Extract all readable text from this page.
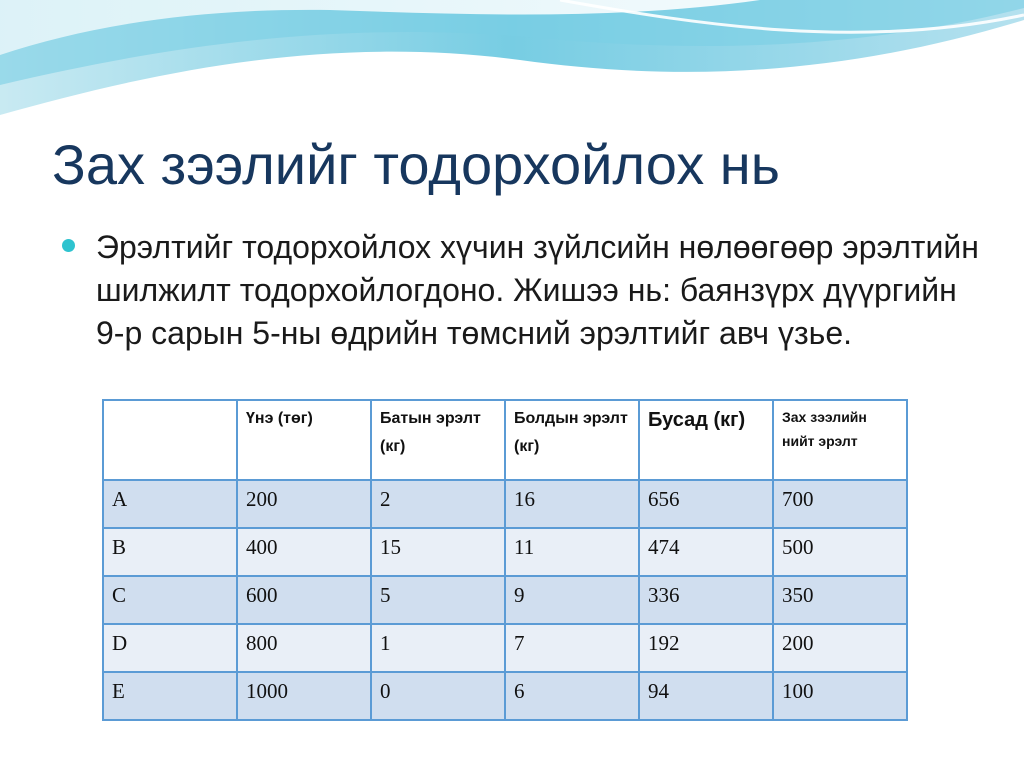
Зах зээлийг тодорхойлох нь
Эрэлтийг тодорхойлох хүчин зүйлсийн нөлөөгөөр эрэлтийн шилжилт тодорхойлогдоно. Жишээ нь: баянзүрх дүүргийн 9-р сарын 5-ны өдрийн төмсний эрэлтийг авч үзье.
	Үнэ (төг)	Батын эрэлт (кг)	Болдын эрэлт (кг)	Бусад (кг)	Зах зээлийн нийт эрэлт
A	200	2	16	656	700
B	400	15	11	474	500
C	600	5	9	336	350
D	800	1	7	192	200
E	1000	0	6	94	100
